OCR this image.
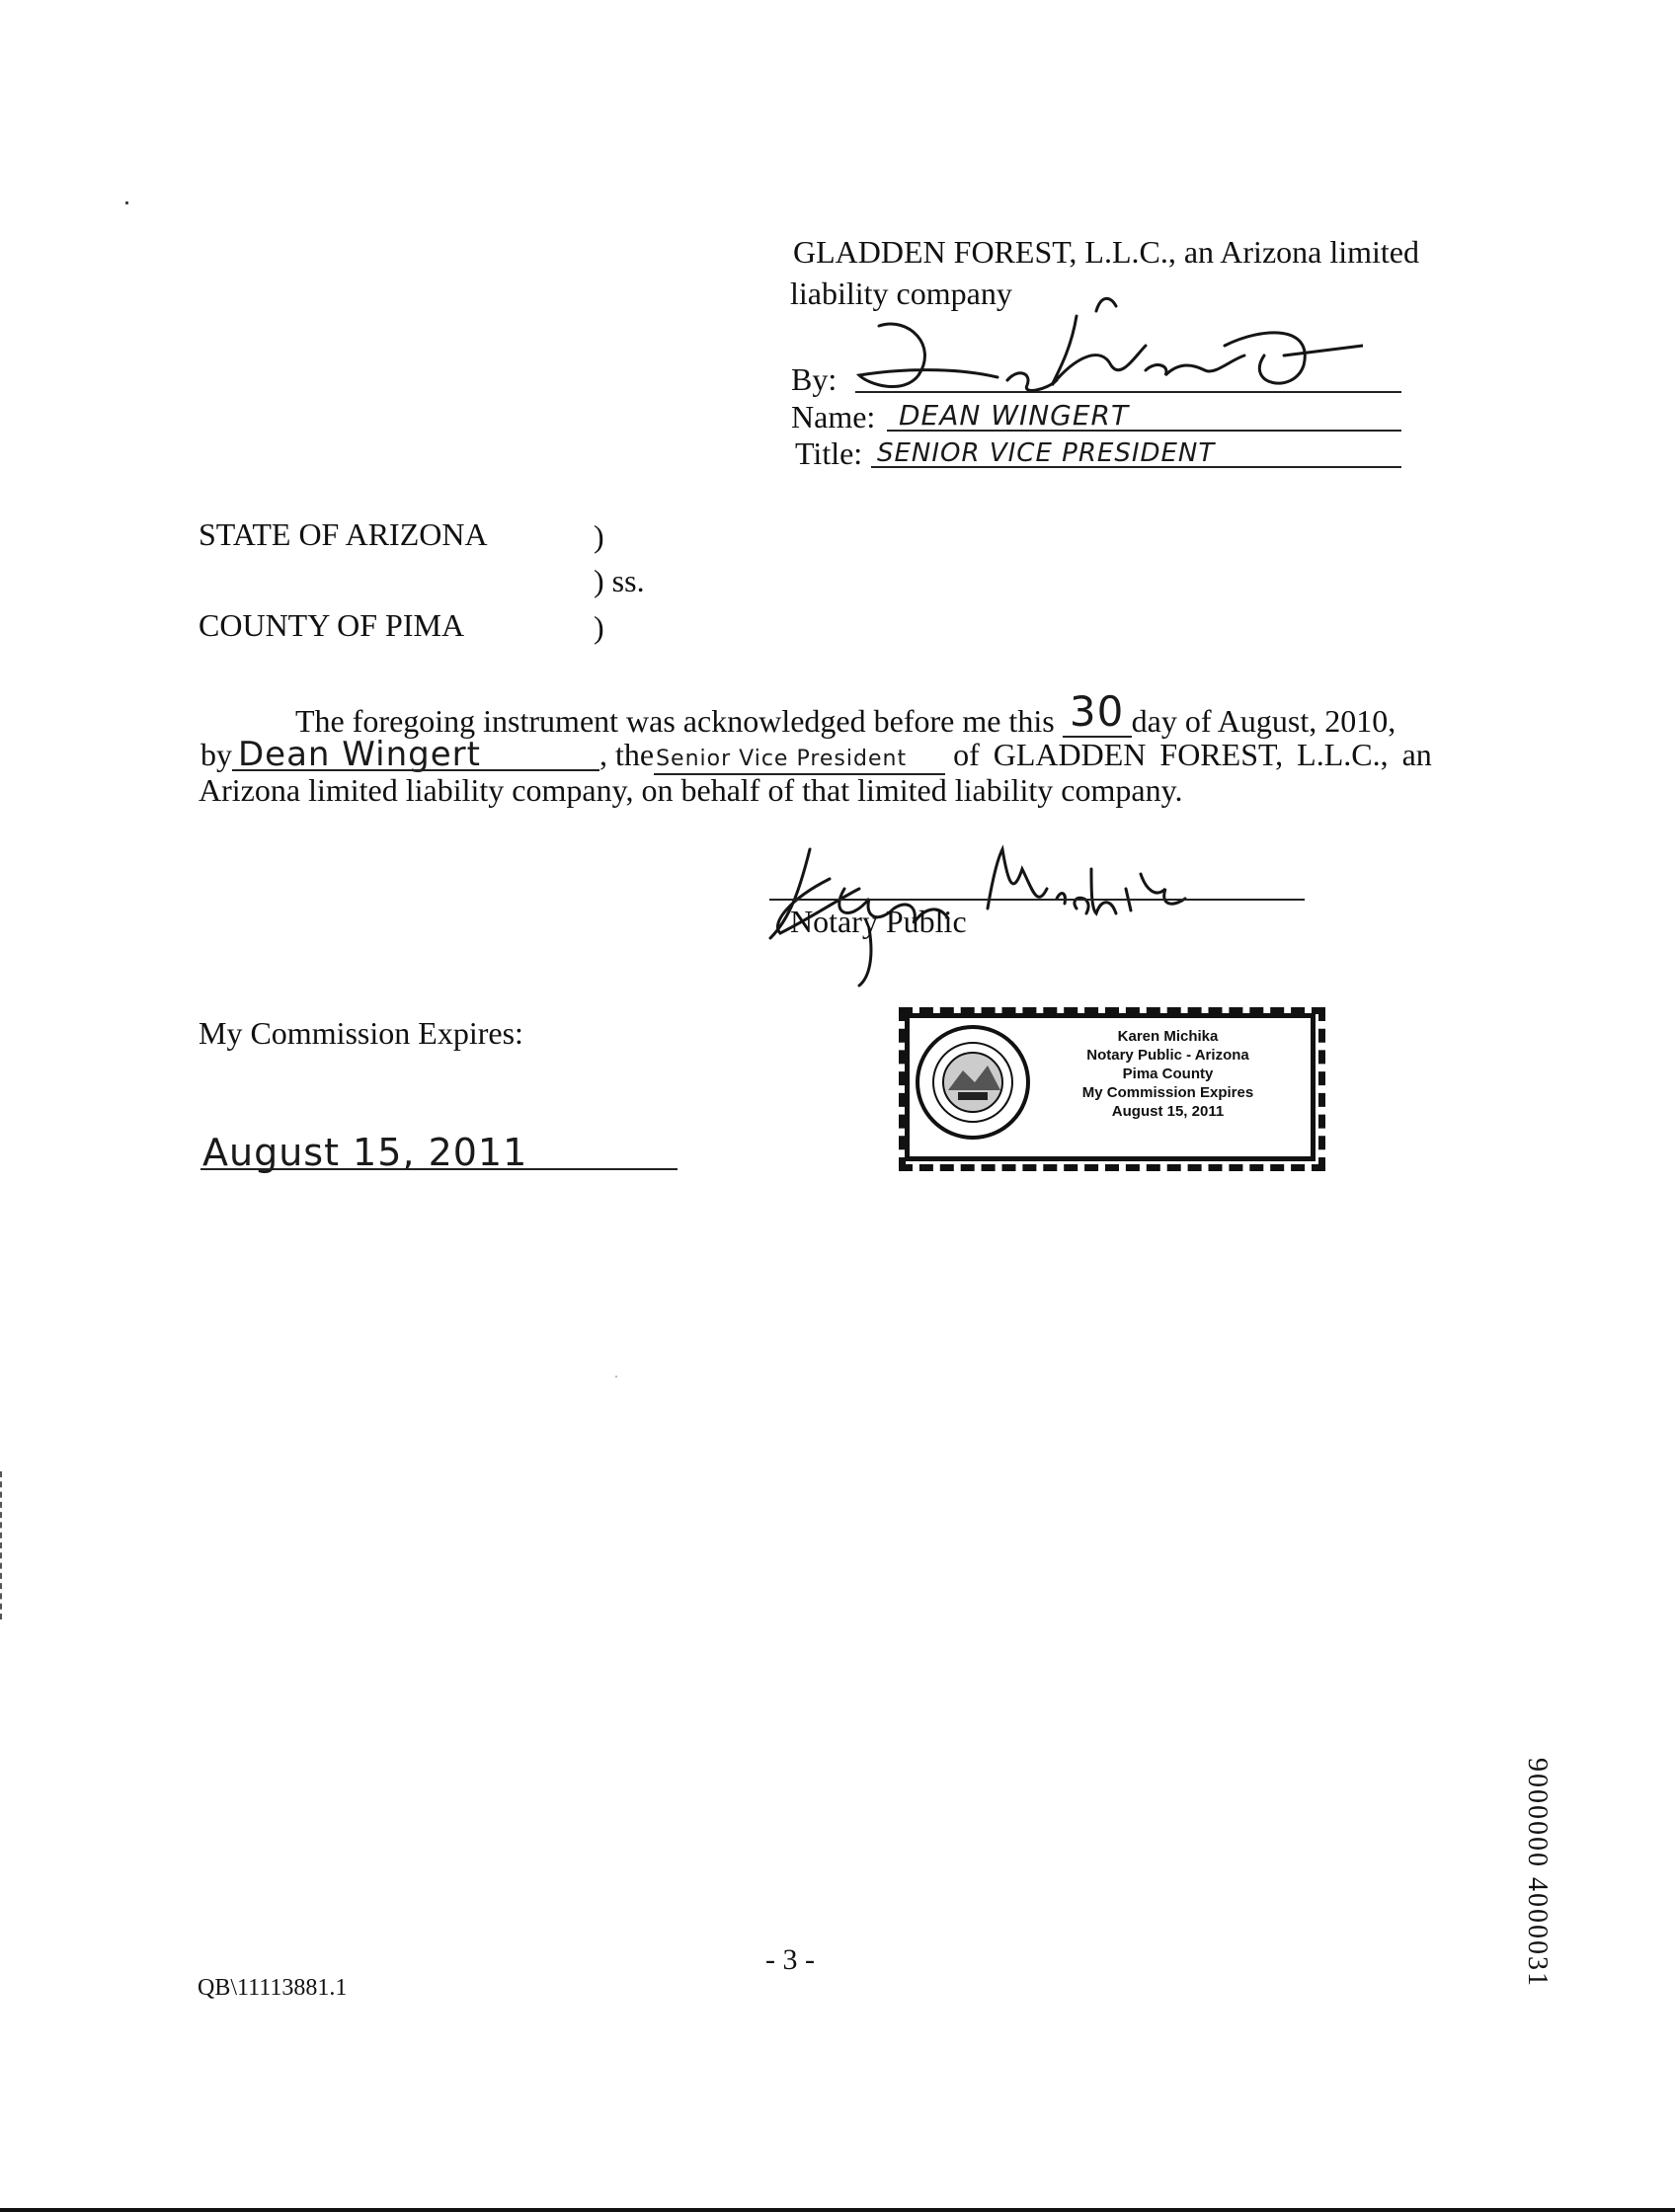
GLADDEN FOREST, L.L.C., an Arizona limited
liability company
By:
Name: DEAN WINGERT
Title: SENIOR VICE PRESIDENT
STATE OF ARIZONA	)
) ss.
COUNTY OF PIMA	)
The foregoing instrument was acknowledged before me this 30 day of August, 2010,
by Dean Wingert	, theSenior Vice President of GLADDEN FOREST, L.L.C., an
Arizona limited liability company, on behalf of that limited liability company.
Notary Public
My Commission Expires:
August 15, 2011
Karen Michika
Notary Public - Arizona
Pima County
My Commission Expires
August 15, 2011
9000000 4000031
- 3 -
QB\11113881.1
